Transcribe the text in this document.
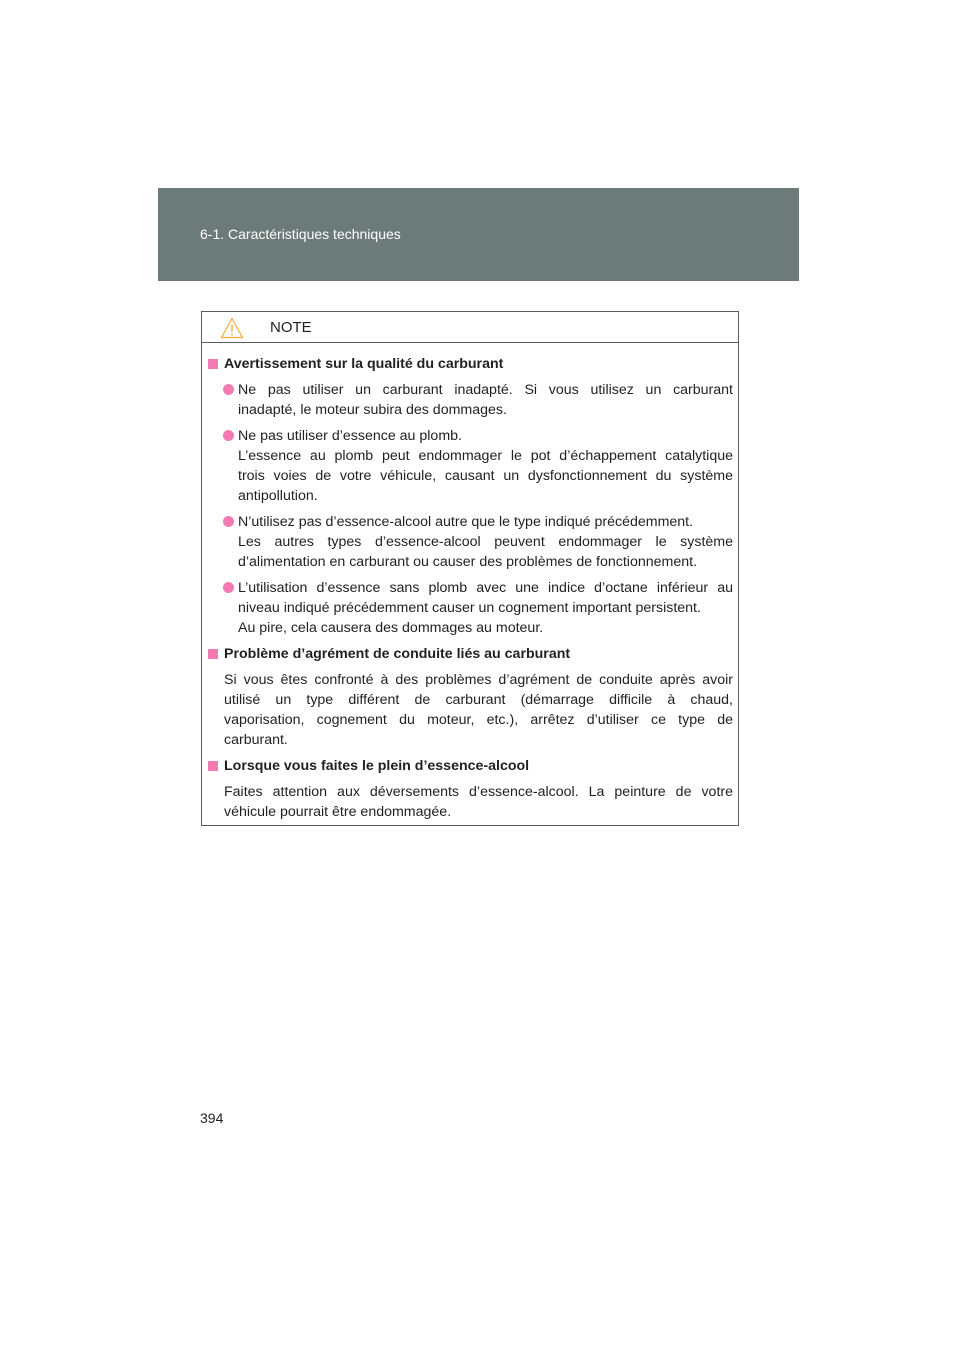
6-1. Caractéristiques techniques
NOTE
Avertissement sur la qualité du carburant
Ne pas utiliser un carburant inadapté. Si vous utilisez un carburant
inadapté, le moteur subira des dommages.
Ne pas utiliser d’essence au plomb.
L’essence au plomb peut endommager le pot d’échappement catalytique
trois voies de votre véhicule, causant un dysfonctionnement du système
antipollution.
N’utilisez pas d’essence-alcool autre que le type indiqué précédemment.
Les autres types d’essence-alcool peuvent endommager le système
d’alimentation en carburant ou causer des problèmes de fonctionnement.
L’utilisation d’essence sans plomb avec une indice d’octane inférieur au
niveau indiqué précédemment causer un cognement important persistent.
Au pire, cela causera des dommages au moteur.
Problème d’agrément de conduite liés au carburant
Si vous êtes confronté à des problèmes d’agrément de conduite après avoir
utilisé un type différent de carburant (démarrage difficile à chaud,
vaporisation, cognement du moteur, etc.), arrêtez d’utiliser ce type de
carburant.
Lorsque vous faites le plein d’essence-alcool
Faites attention aux déversements d’essence-alcool. La peinture de votre
véhicule pourrait être endommagée.
394
